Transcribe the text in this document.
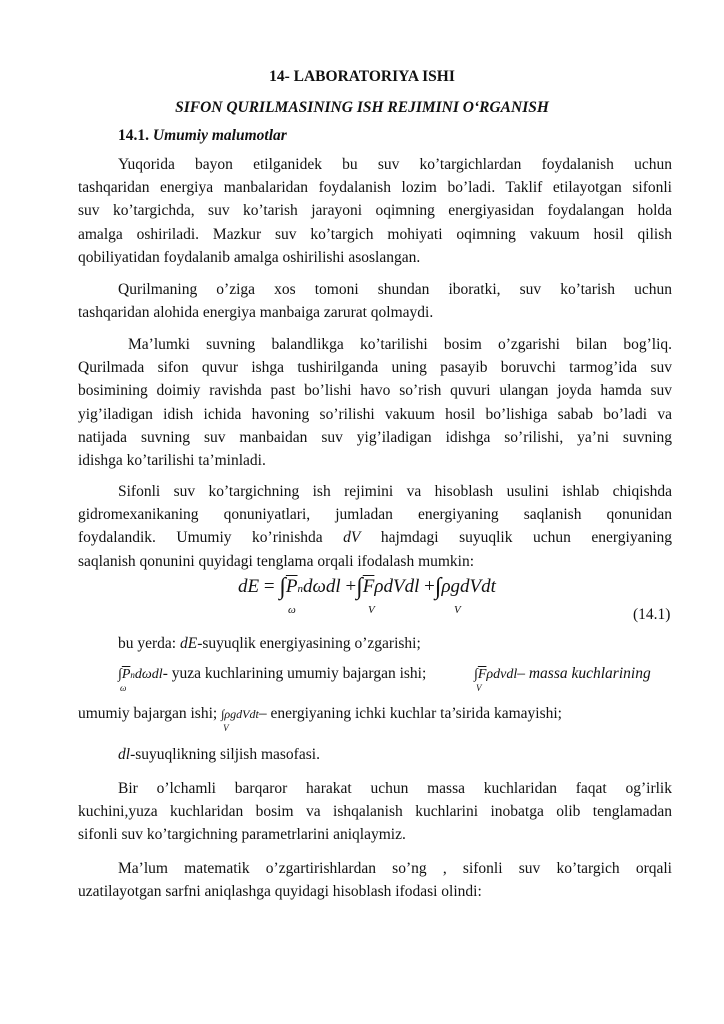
14- LABORATORIYA ISHI
SIFON QURILMASINING ISH REJIMINI O‘RGANISH
14.1. Umumiy malumotlar
Yuqorida bayon etilganidek bu suv ko’targichlardan foydalanish uchun
tashqaridan energiya manbalaridan foydalanish lozim bo’ladi. Taklif etilayotgan sifonli
suv ko’targichda, suv ko’tarish jarayoni oqimning energiyasidan foydalangan holda
amalga oshiriladi. Mazkur suv ko’targich mohiyati oqimning vakuum hosil qilish
qobiliyatidan foydalanib amalga oshirilishi asoslangan.
Qurilmaning o’ziga xos tomoni shundan iboratki, suv ko’tarish uchun
tashqaridan alohida energiya manbaiga zarurat qolmaydi.
Ma’lumki suvning balandlikga ko’tarilishi bosim o’zgarishi bilan bog’liq.
Qurilmada sifon quvur ishga tushirilganda uning pasayib boruvchi tarmog’ida suv
bosimining doimiy ravishda past bo’lishi havo so’rish quvuri ulangan joyda hamda suv
yig’iladigan idish ichida havoning so’rilishi vakuum hosil bo’lishiga sabab bo’ladi va
natijada suvning suv manbaidan suv yig’iladigan idishga so’rilishi, ya’ni suvning
idishga ko’tarilishi ta’minladi.
Sifonli suv ko’targichning ish rejimini va hisoblash usulini ishlab chiqishda
gidromexanikaning qonuniyatlari, jumladan energiyaning saqlanish qonunidan
foydalandik. Umumiy ko’rinishda dV hajmdagi suyuqlik uchun energiyaning
saqlanish qonunini quyidagi tenglama orqali ifodalash mumkin:
dE = $\int\overline{P}nd\omega dl$ $+\int\overline{F}\rho dVdl$ +∫ρgdVdt
ω	V	V	(14.1)
bu yerda: dE-suyuqlik energiyasining o’zgarishi;
$\int\overline{P}nd\omega dl$
ω
- yuza kuchlarining umumiy bajargan ishi;	$\int\overline{F}\rho dvdl$
V
– massa kuchlarining
umumiy bajargan ishi; ∫ρgdVdt
V
– energiyaning ichki kuchlar ta’sirida kamayishi;
dl-suyuqlikning siljish masofasi.
Bir o’lchamli barqaror harakat uchun massa kuchlaridan faqat og’irlik
kuchini,yuza kuchlaridan bosim va ishqalanish kuchlarini inobatga olib tenglamadan
sifonli suv ko’targichning parametrlarini aniqlaymiz.
Ma’lum matematik o’zgartirishlardan so’ng , sifonli suv ko’targich orqali
uzatilayotgan sarfni aniqlashga quyidagi hisoblash ifodasi olindi:
